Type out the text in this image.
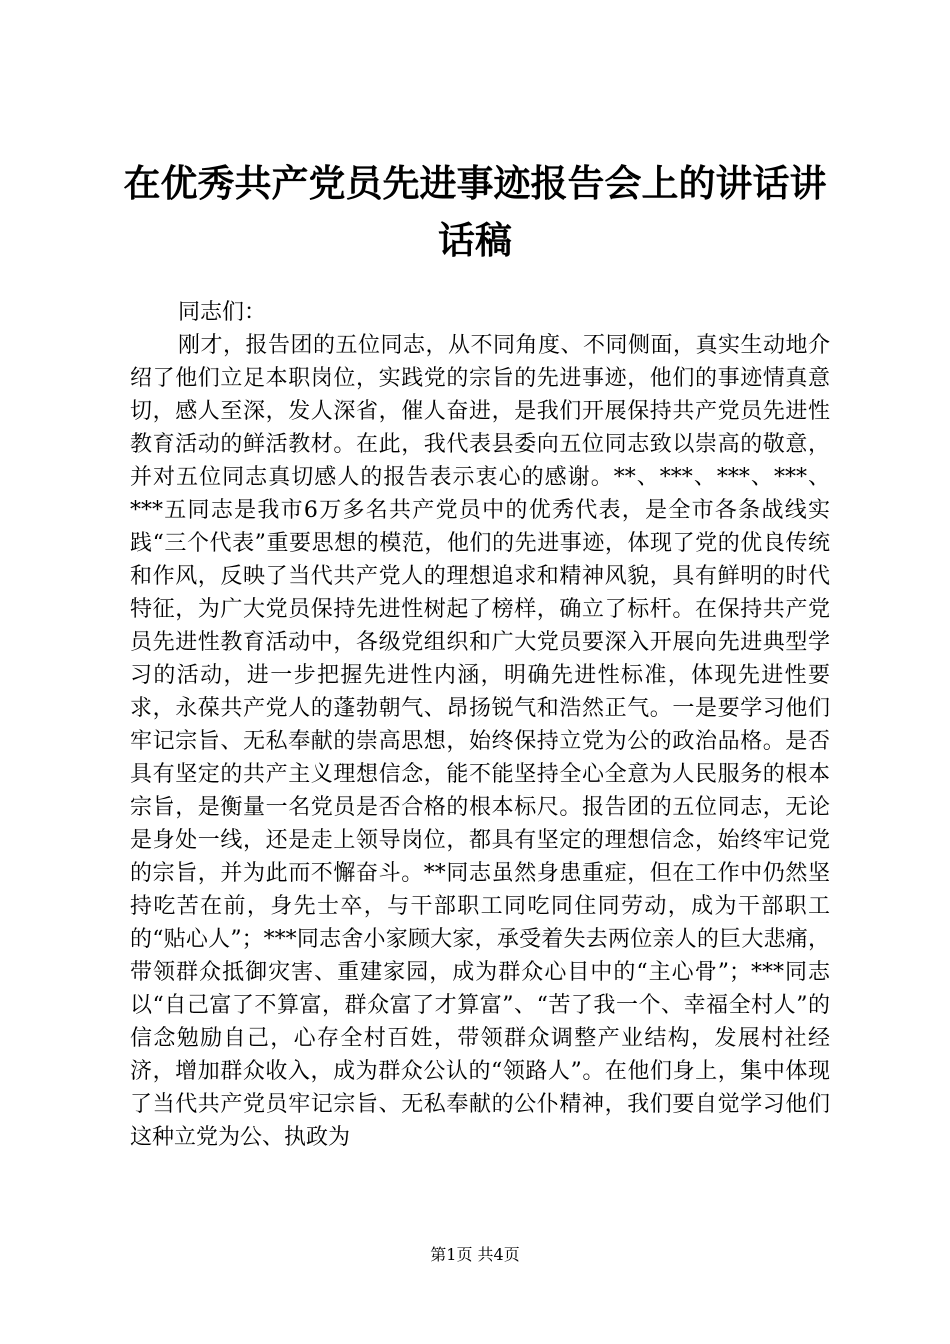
在优秀共产党员先进事迹报告会上的讲话讲话稿

同志们：

刚才，报告团的五位同志，从不同角度、不同侧面，真实生动地介绍了他们立足本职岗位，实践党的宗旨的先进事迹，他们的事迹情真意切，感人至深，发人深省，催人奋进，是我们开展保持共产党员先进性教育活动的鲜活教材。在此，我代表县委向五位同志致以崇高的敬意，并对五位同志真切感人的报告表示衷心的感谢。**、***、***、***、***五同志是我市6万多名共产党员中的优秀代表，是全市各条战线实践“三个代表”重要思想的模范，他们的先进事迹，体现了党的优良传统和作风，反映了当代共产党人的理想追求和精神风貌，具有鲜明的时代特征，为广大党员保持先进性树起了榜样，确立了标杆。在保持共产党员先进性教育活动中，各级党组织和广大党员要深入开展向先进典型学习的活动，进一步把握先进性内涵，明确先进性标准，体现先进性要求，永葆共产党人的蓬勃朝气、昂扬锐气和浩然正气。一是要学习他们牢记宗旨、无私奉献的崇高思想，始终保持立党为公的政治品格。是否具有坚定的共产主义理想信念，能不能坚持全心全意为人民服务的根本宗旨，是衡量一名党员是否合格的根本标尺。报告团的五位同志，无论是身处一线，还是走上领导岗位，都具有坚定的理想信念，始终牢记党的宗旨，并为此而不懈奋斗。**同志虽然身患重症，但在工作中仍然坚持吃苦在前，身先士卒，与干部职工同吃同住同劳动，成为干部职工的“贴心人”；***同志舍小家顾大家，承受着失去两位亲人的巨大悲痛，带领群众抵御灾害、重建家园，成为群众心目中的“主心骨”；***同志以“自己富了不算富，群众富了才算富”、“苦了我一个、幸福全村人”的信念勉励自己，心存全村百姓，带领群众调整产业结构，发展村社经济，增加群众收入，成为群众公认的“领路人”。在他们身上，集中体现了当代共产党员牢记宗旨、无私奉献的公仆精神，我们要自觉学习他们这种立党为公、执政为

第1页 共4页
